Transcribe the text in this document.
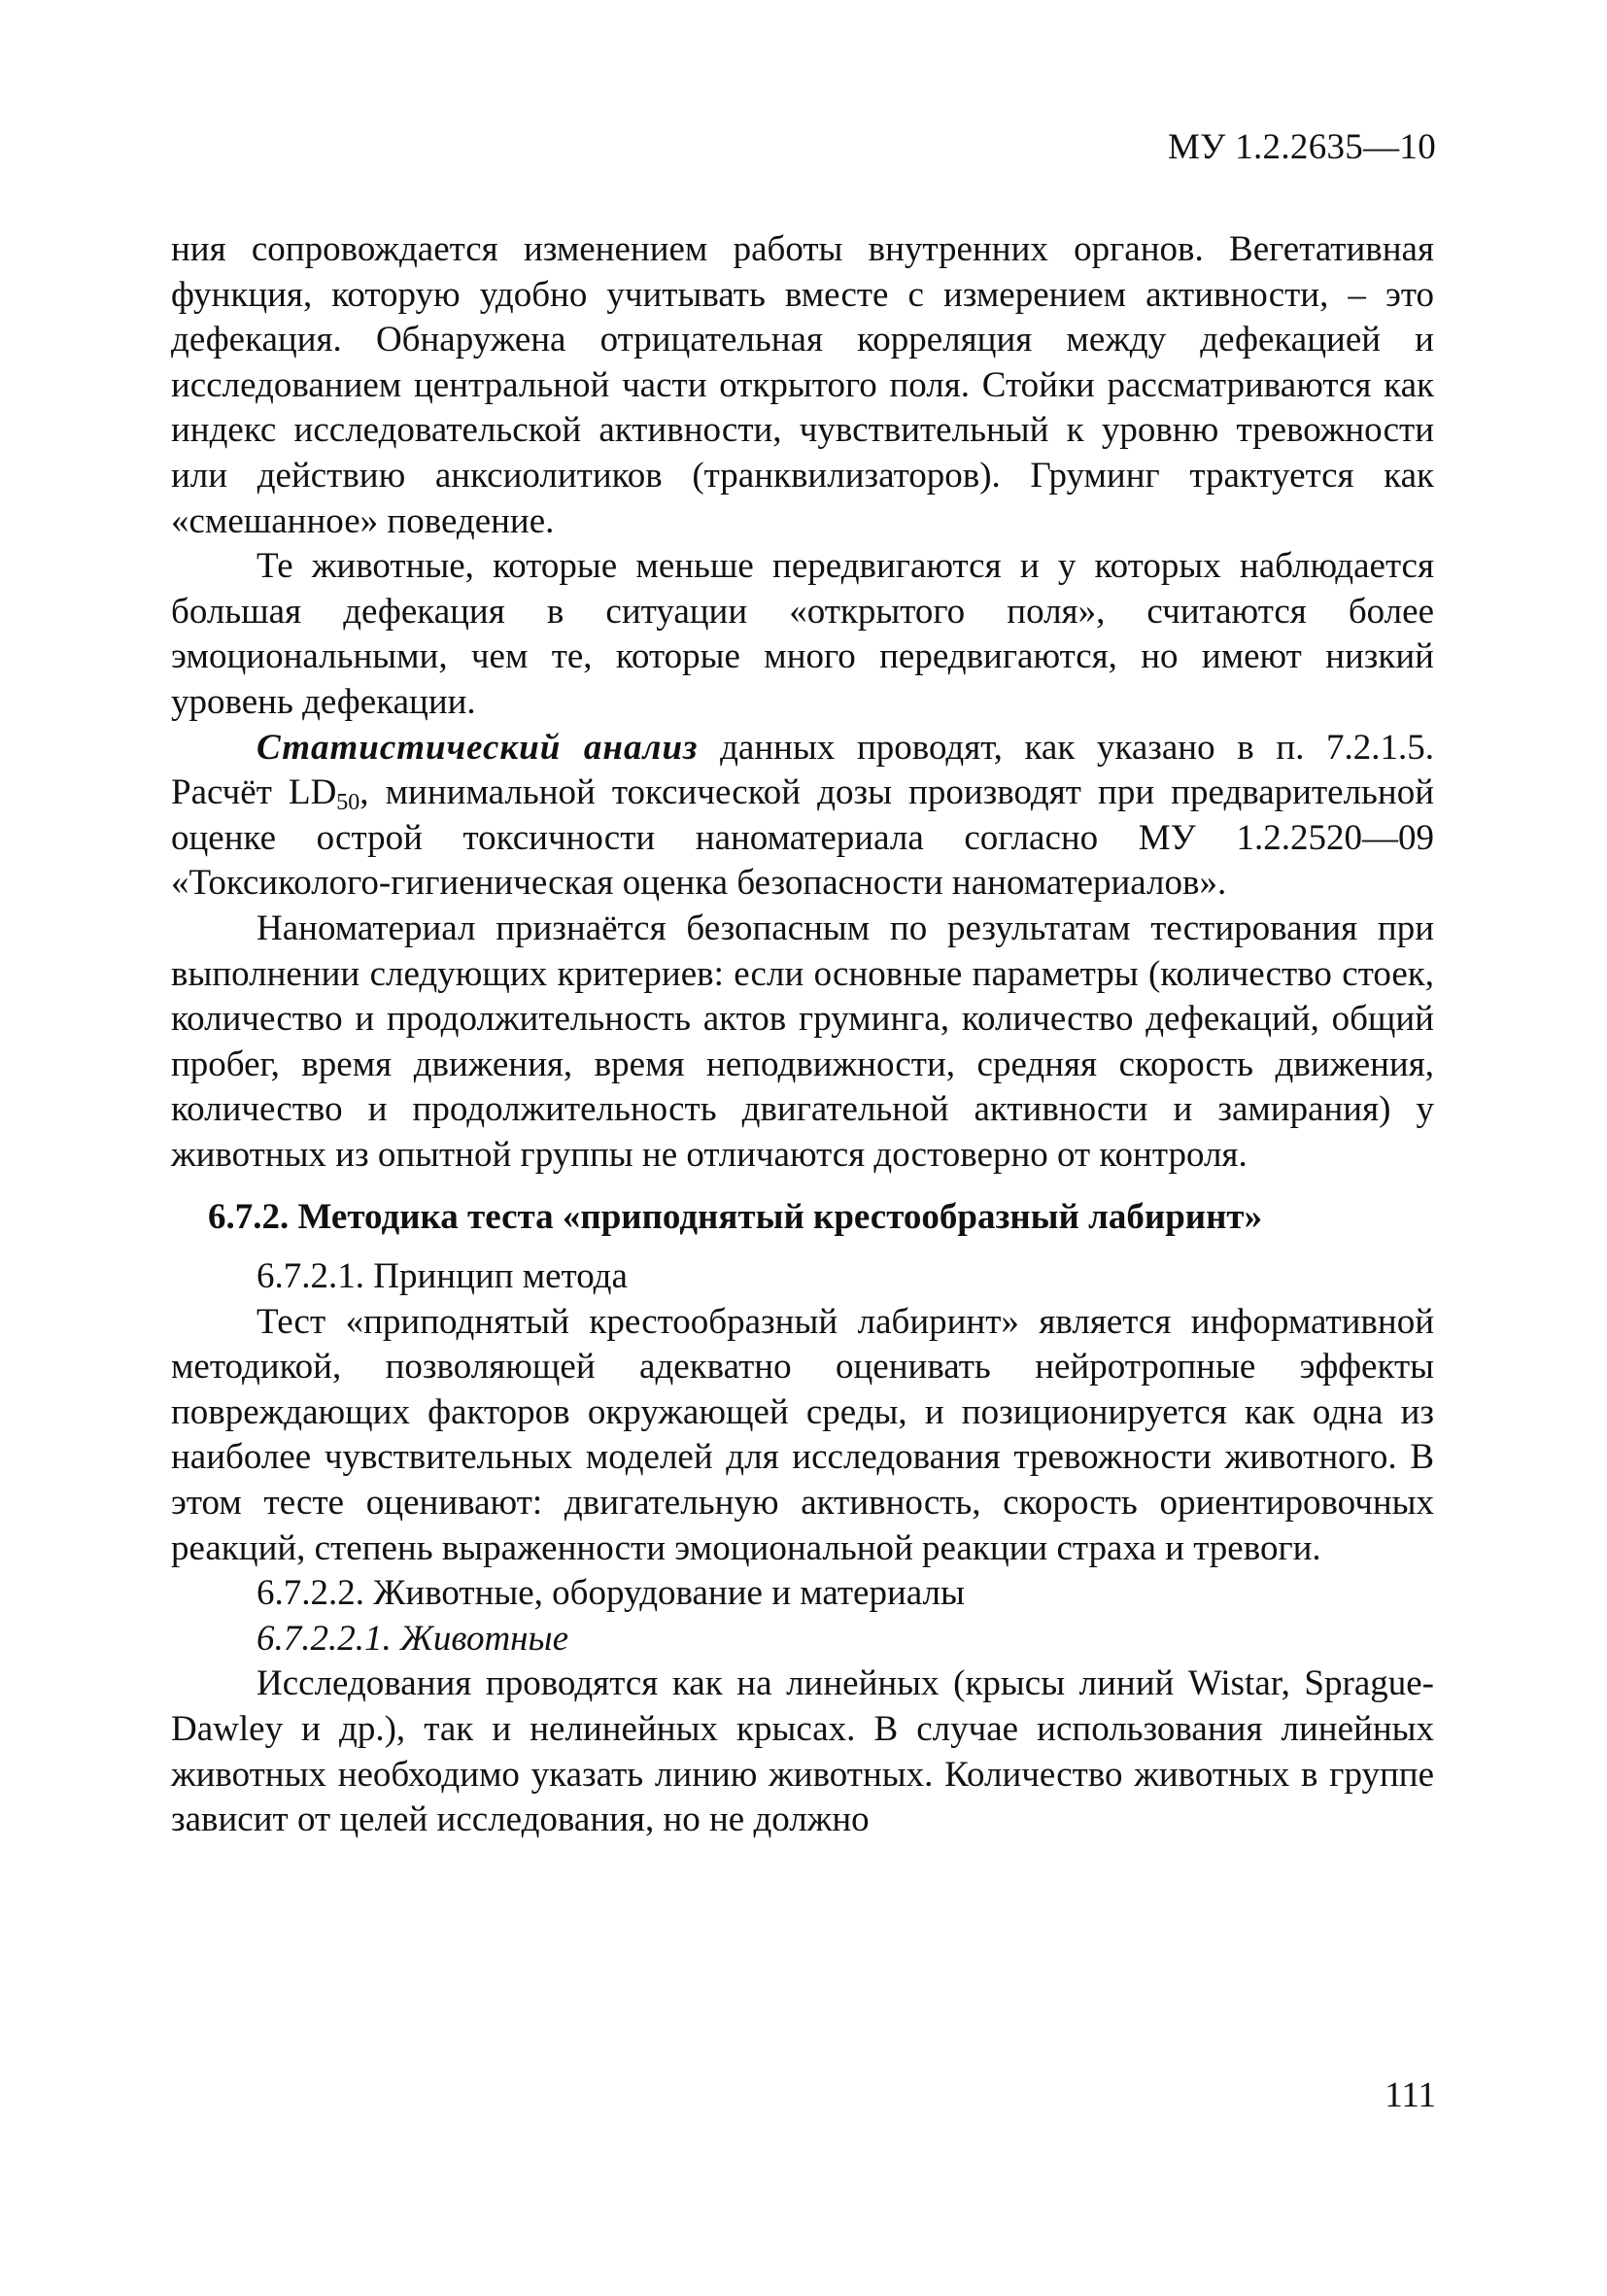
МУ 1.2.2635—10

ния сопровождается изменением работы внутренних органов. Вегетативная функция, которую удобно учитывать вместе с измерением активности, – это дефекация. Обнаружена отрицательная корреляция между дефекацией и исследованием центральной части открытого поля. Стойки рассматриваются как индекс исследовательской активности, чувствительный к уровню тревожности или действию анксиолитиков (транквилизаторов). Груминг трактуется как «смешанное» поведение.

Те животные, которые меньше передвигаются и у которых наблюдается большая дефекация в ситуации «открытого поля», считаются более эмоциональными, чем те, которые много передвигаются, но имеют низкий уровень дефекации.

Статистический анализ данных проводят, как указано в п. 7.2.1.5. Расчёт $LD_{50}$, минимальной токсической дозы производят при предварительной оценке острой токсичности наноматериала согласно МУ 1.2.2520—09 «Токсиколого-гигиеническая оценка безопасности наноматериалов».

Наноматериал признаётся безопасным по результатам тестирования при выполнении следующих критериев: если основные параметры (количество стоек, количество и продолжительность актов груминга, количество дефекаций, общий пробег, время движения, время неподвижности, средняя скорость движения, количество и продолжительность двигательной активности и замирания) у животных из опытной группы не отличаются достоверно от контроля.

6.7.2. Методика теста «приподнятый крестообразный лабиринт»

6.7.2.1. Принцип метода

Тест «приподнятый крестообразный лабиринт» является информативной методикой, позволяющей адекватно оценивать нейротропные эффекты повреждающих факторов окружающей среды, и позиционируется как одна из наиболее чувствительных моделей для исследования тревожности животного. В этом тесте оценивают: двигательную активность, скорость ориентировочных реакций, степень выраженности эмоциональной реакции страха и тревоги.

6.7.2.2. Животные, оборудование и материалы

6.7.2.2.1. Животные

Исследования проводятся как на линейных (крысы линий Wistar, Sprague-Dawley и др.), так и нелинейных крысах. В случае использования линейных животных необходимо указать линию животных. Количество животных в группе зависит от целей исследования, но не должно

111
